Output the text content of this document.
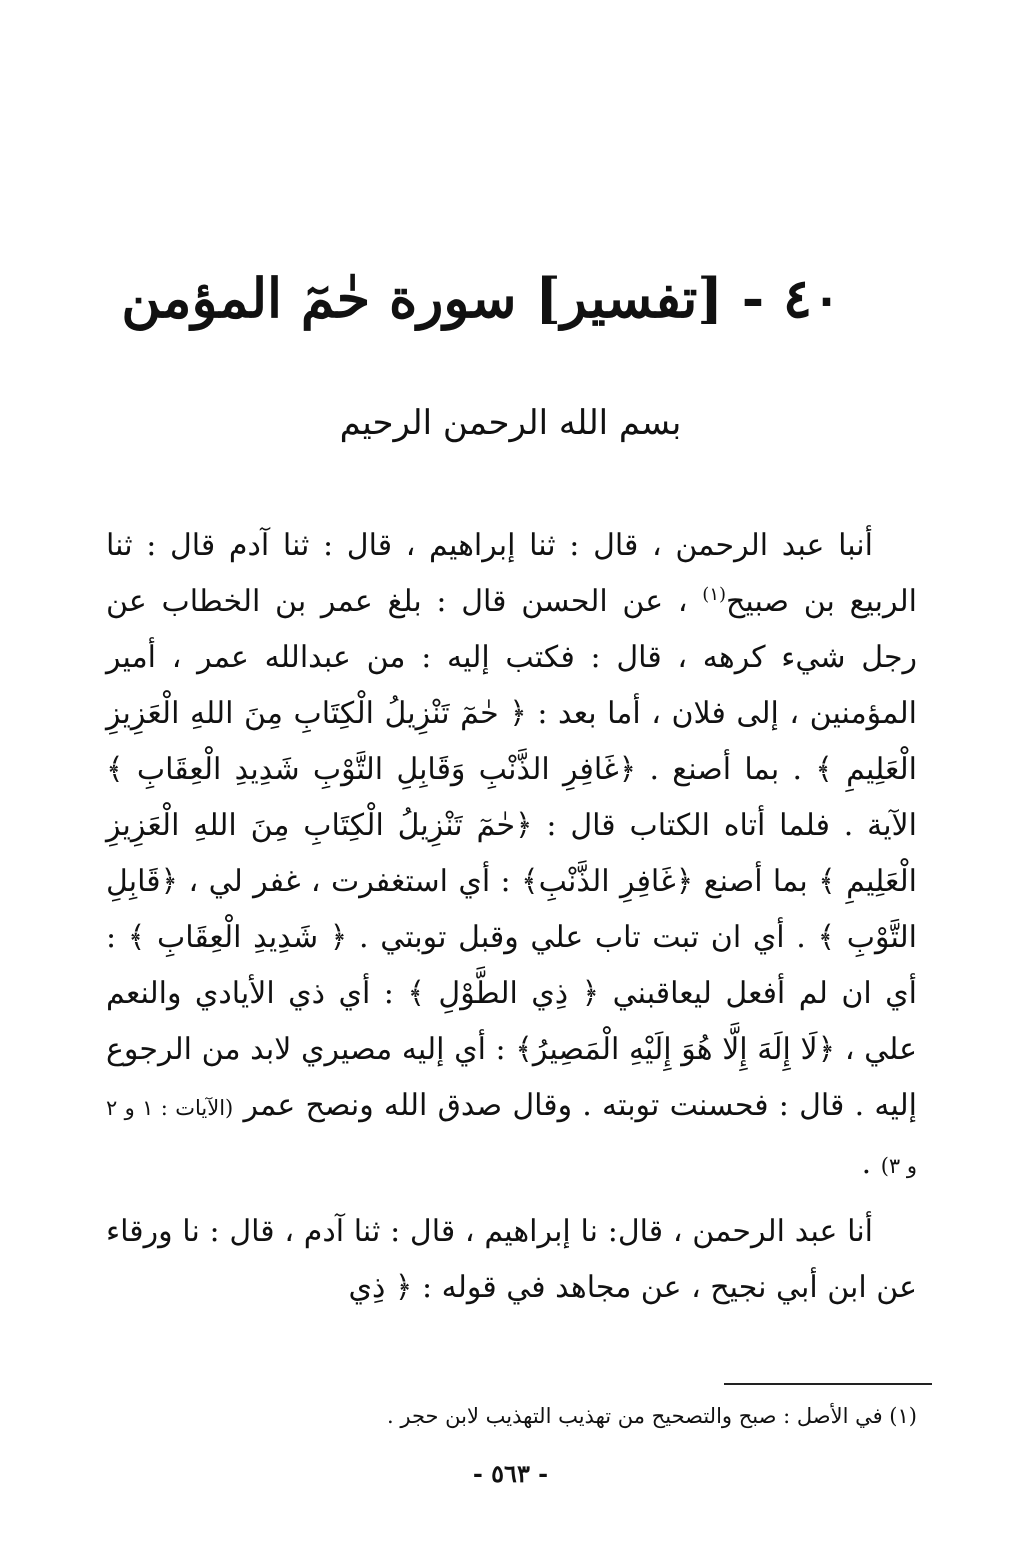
٤٠ - [تفسير] سورة حٰمٓ المؤمن
بسم الله الرحمن الرحيم

أنبا عبد الرحمن ، قال : ثنا إبراهيم ، قال : ثنا آدم قال : ثنا الربيع بن صبيح$^{(١)}$ ، عن الحسن قال : بلغ عمر بن الخطاب عن رجل شيء كرهه ، قال : فكتب إليه : من عبدالله عمر ، أمير المؤمنين ، إلى فلان ، أما بعد : ﴿ حٰمٓ تَنْزِيلُ الْكِتَابِ مِنَ اللهِ الْعَزِيزِ الْعَلِيمِ ﴾ . بما أصنع . ﴿غَافِرِ الذَّنْبِ وَقَابِلِ التَّوْبِ شَدِيدِ الْعِقَابِ ﴾ الآية . فلما أتاه الكتاب قال : ﴿حٰمٓ تَنْزِيلُ الْكِتَابِ مِنَ اللهِ الْعَزِيزِ الْعَلِيمِ ﴾ بما أصنع ﴿غَافِرِ الذَّنْبِ﴾ : أي استغفرت ، غفر لي ، ﴿قَابِلِ التَّوْبِ ﴾ . أي ان تبت تاب علي وقبل توبتي . ﴿ شَدِيدِ الْعِقَابِ ﴾ : أي ان لم أفعل ليعاقبني ﴿ ذِي الطَّوْلِ ﴾ : أي ذي الأيادي والنعم علي ، ﴿لَا إِلَهَ إِلَّا هُوَ إِلَيْهِ الْمَصِيرُ﴾ : أي إليه مصيري لابد من الرجوع إليه . قال : فحسنت توبته . وقال صدق الله ونصح عمر (الآيات : ١ و ٢ و ٣) .

أنا عبد الرحمن ، قال: نا إبراهيم ، قال : ثنا آدم ، قال : نا ورقاء عن ابن أبي نجيح ، عن مجاهد في قوله : ﴿ ذِي

(١) في الأصل : صبح والتصحيح من تهذيب التهذيب لابن حجر .
- ٥٦٣ -
